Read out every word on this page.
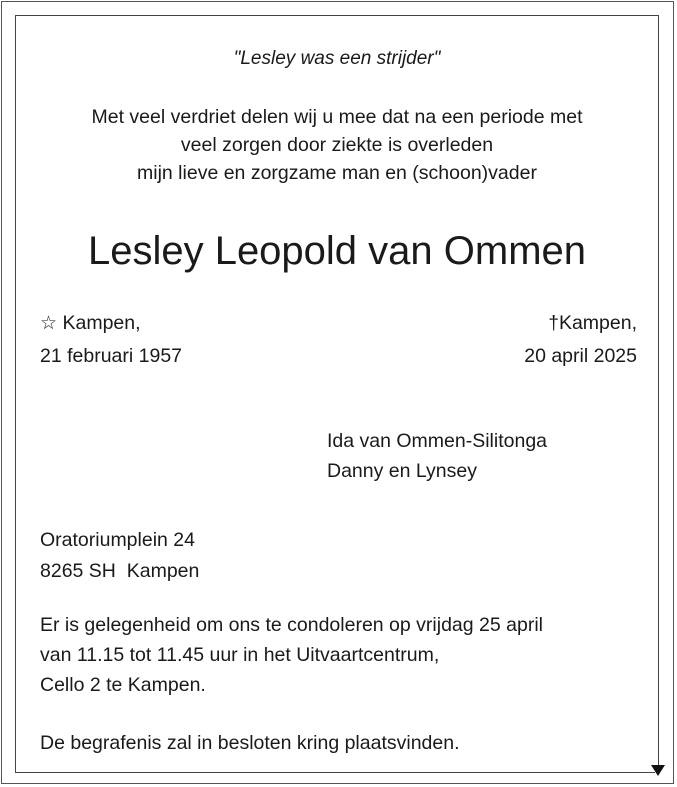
"Lesley was een strijder"

Met veel verdriet delen wij u mee dat na een periode met
veel zorgen door ziekte is overleden
mijn lieve en zorgzame man en (schoon)vader
Lesley Leopold van Ommen
☆ Kampen,
21 februari 1957
†Kampen,
20 april 2025
Ida van Ommen-Silitonga
Danny en Lynsey
Oratoriumplein 24
8265 SH  Kampen
Er is gelegenheid om ons te condoleren op vrijdag 25 april
van 11.15 tot 11.45 uur in het Uitvaartcentrum,
Cello 2 te Kampen.
De begrafenis zal in besloten kring plaatsvinden.
